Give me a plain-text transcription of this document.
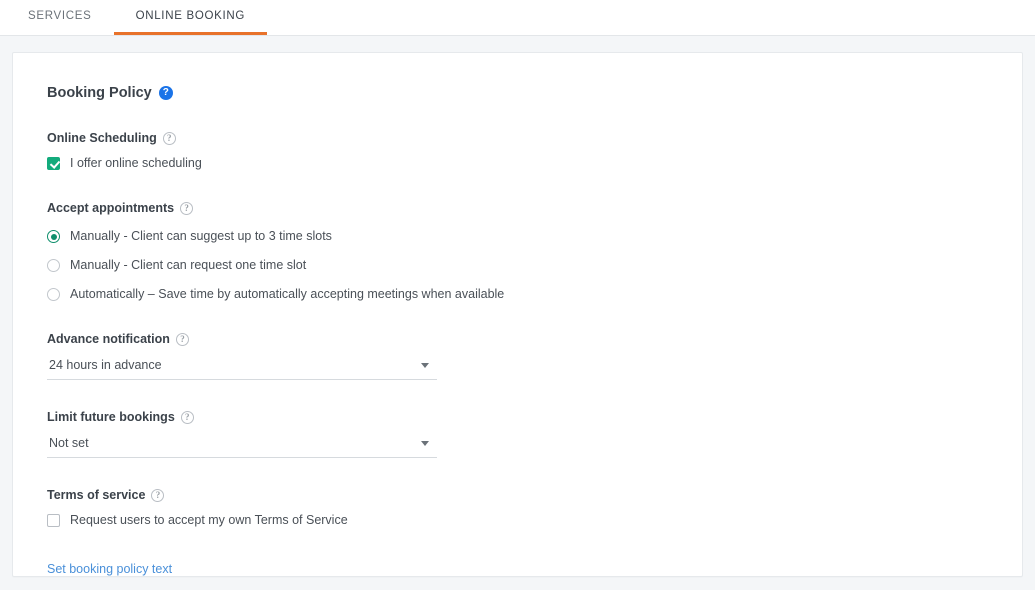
SERVICES	ONLINE BOOKING
Booking Policy	?
Online Scheduling	?
I offer online scheduling
Accept appointments	?
Manually - Client can suggest up to 3 time slots
Manually - Client can request one time slot
Automatically – Save time by automatically accepting meetings when available
Advance notification	?
24 hours in advance
Limit future bookings	?
Not set
Terms of service	?
Request users to accept my own Terms of Service
Set booking policy text
